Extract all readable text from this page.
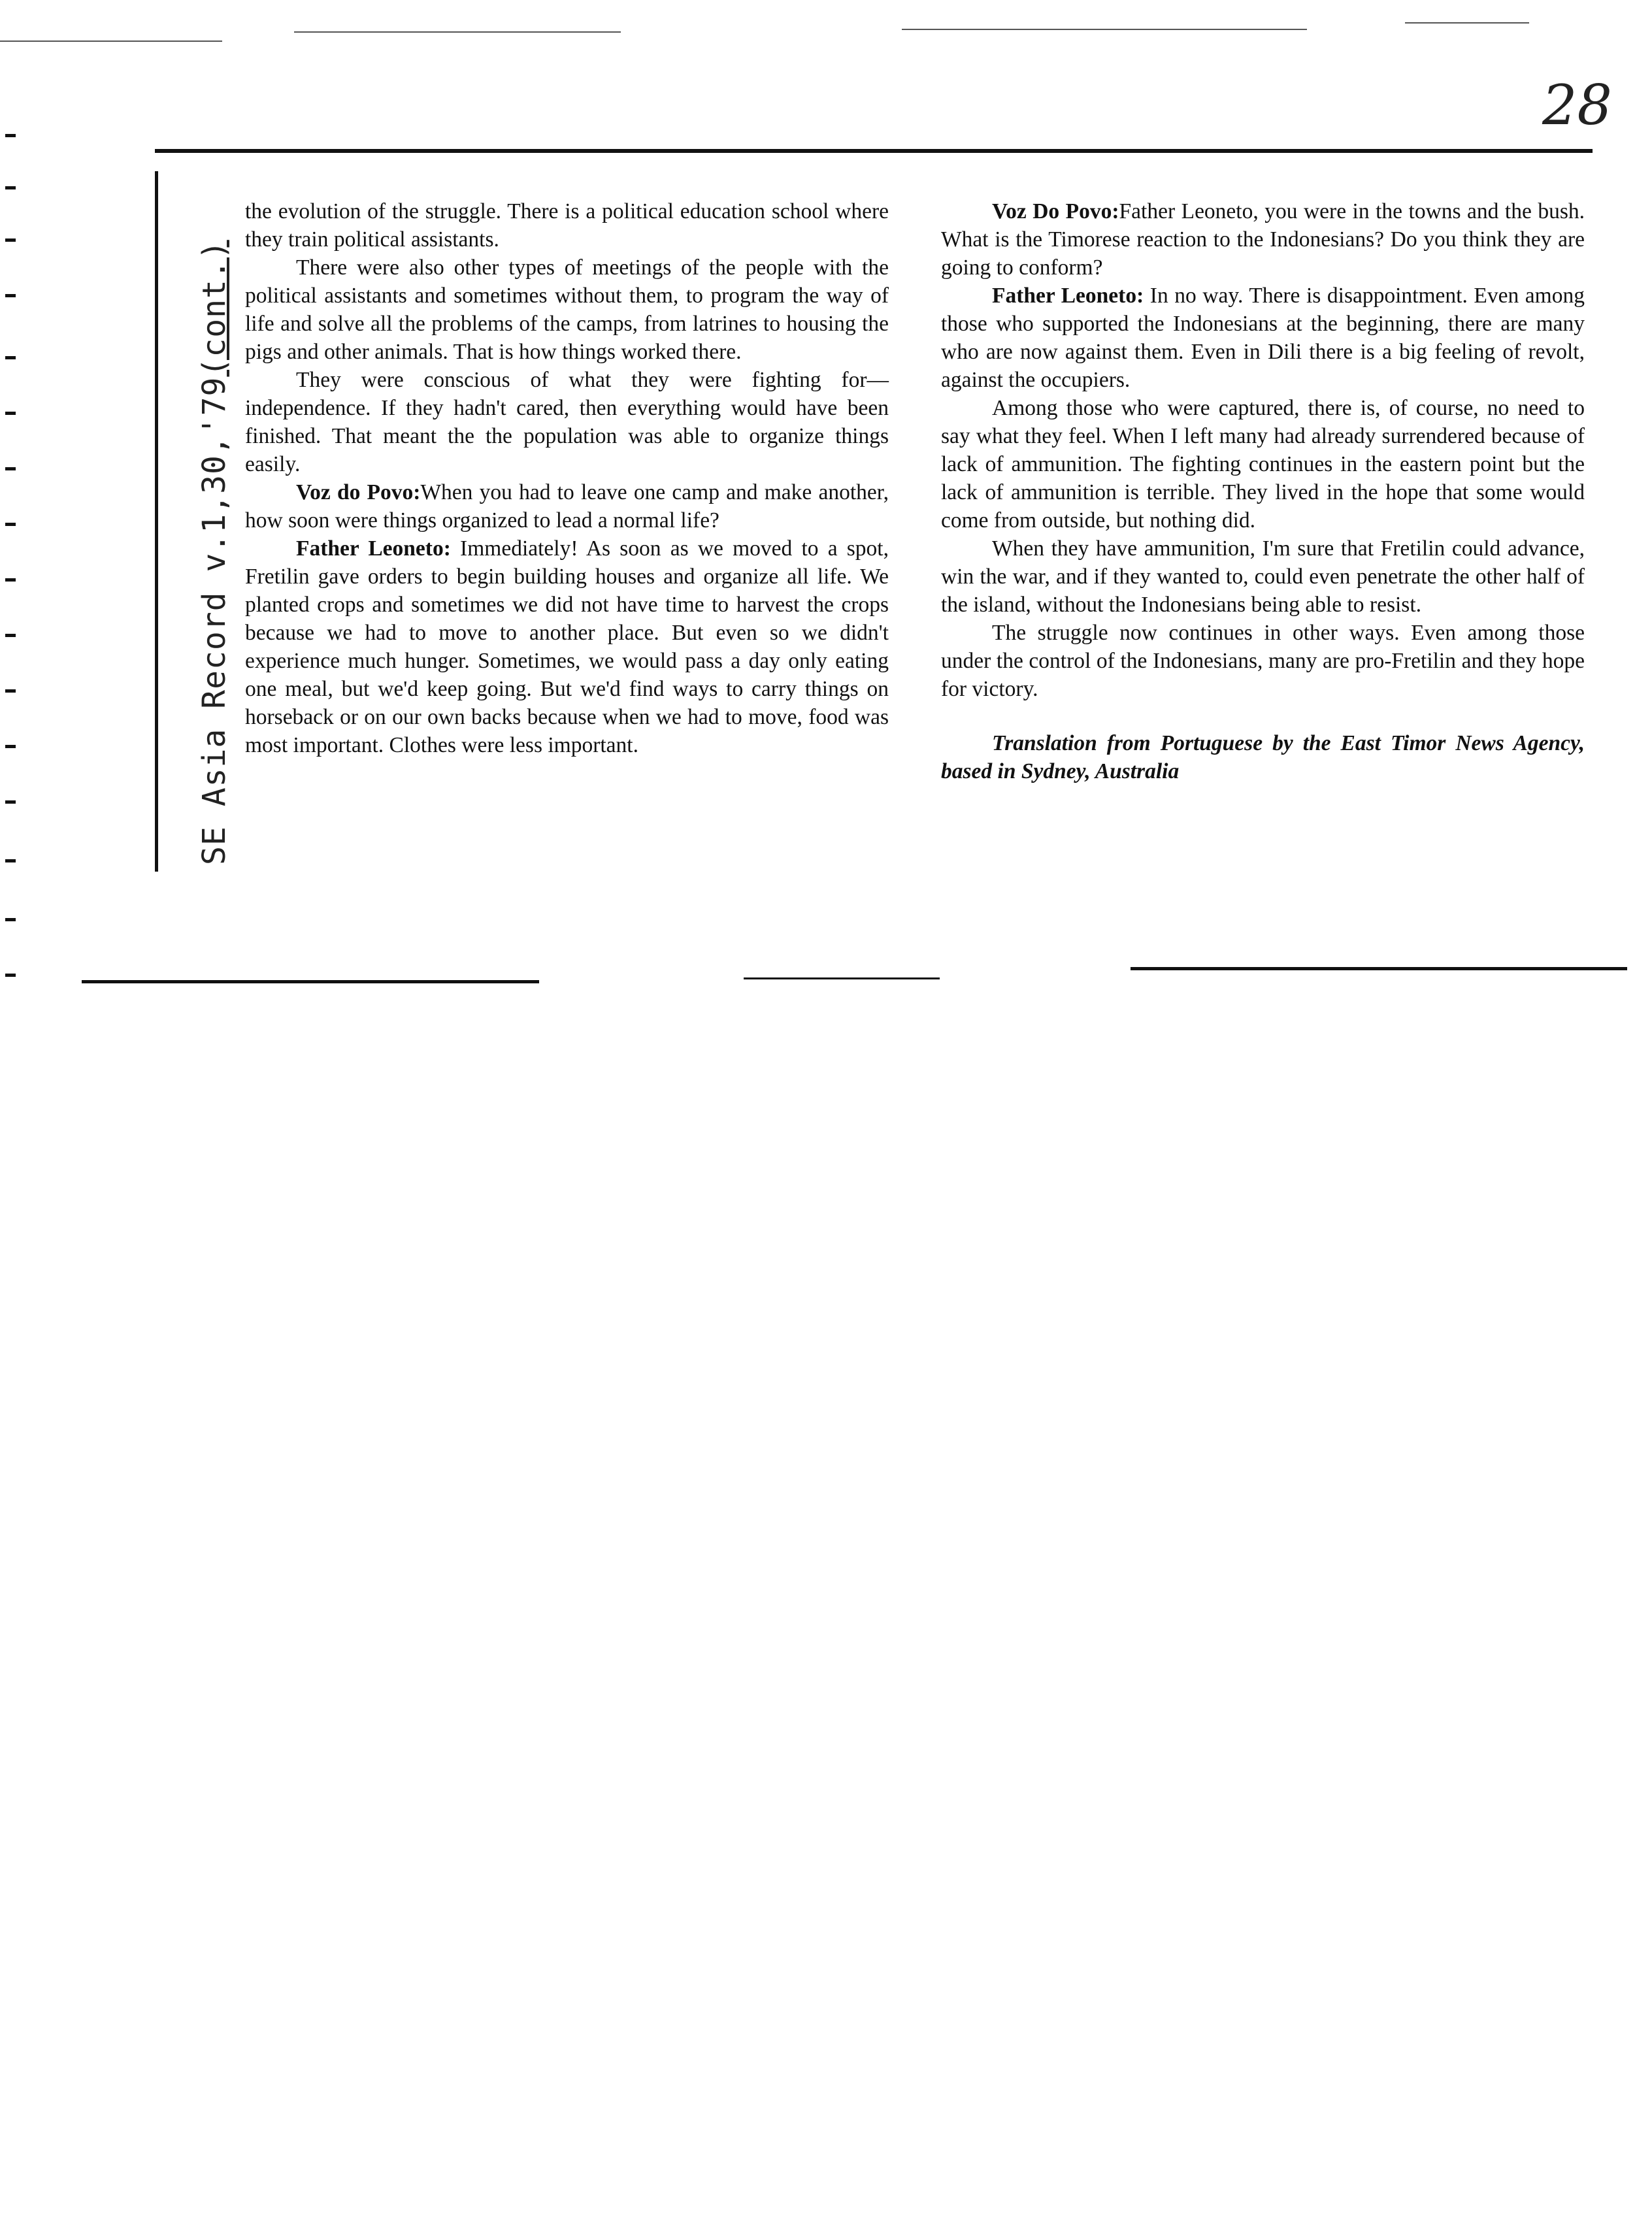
28
SE Asia Record v.1,30,'79(cont.)

the evolution of the struggle. There is a political education school where they train political assistants.

There were also other types of meetings of the people with the political assistants and sometimes without them, to program the way of life and solve all the problems of the camps, from latrines to housing the pigs and other animals. That is how things worked there.

They were conscious of what they were fighting for—independence. If they hadn't cared, then everything would have been finished. That meant the the population was able to organize things easily.

Voz do Povo:When you had to leave one camp and make another, how soon were things organized to lead a normal life?

Father Leoneto: Immediately! As soon as we moved to a spot, Fretilin gave orders to begin building houses and organize all life. We planted crops and sometimes we did not have time to harvest the crops because we had to move to another place. But even so we didn't experience much hunger. Sometimes, we would pass a day only eating one meal, but we'd keep going. But we'd find ways to carry things on horseback or on our own backs because when we had to move, food was most important. Clothes were less important.

Voz Do Povo:Father Leoneto, you were in the towns and the bush. What is the Timorese reaction to the Indonesians? Do you think they are going to conform?

Father Leoneto: In no way. There is disappointment. Even among those who supported the Indonesians at the beginning, there are many who are now against them. Even in Dili there is a big feeling of revolt, against the occupiers.

Among those who were captured, there is, of course, no need to say what they feel. When I left many had already surrendered because of lack of ammunition. The fighting continues in the eastern point but the lack of ammunition is terrible. They lived in the hope that some would come from outside, but nothing did.

When they have ammunition, I'm sure that Fretilin could advance, win the war, and if they wanted to, could even penetrate the other half of the island, without the Indonesians being able to resist.

The struggle now continues in other ways. Even among those under the control of the Indonesians, many are pro-Fretilin and they hope for victory.

Translation from Portuguese by the East Timor News Agency, based in Sydney, Australia
